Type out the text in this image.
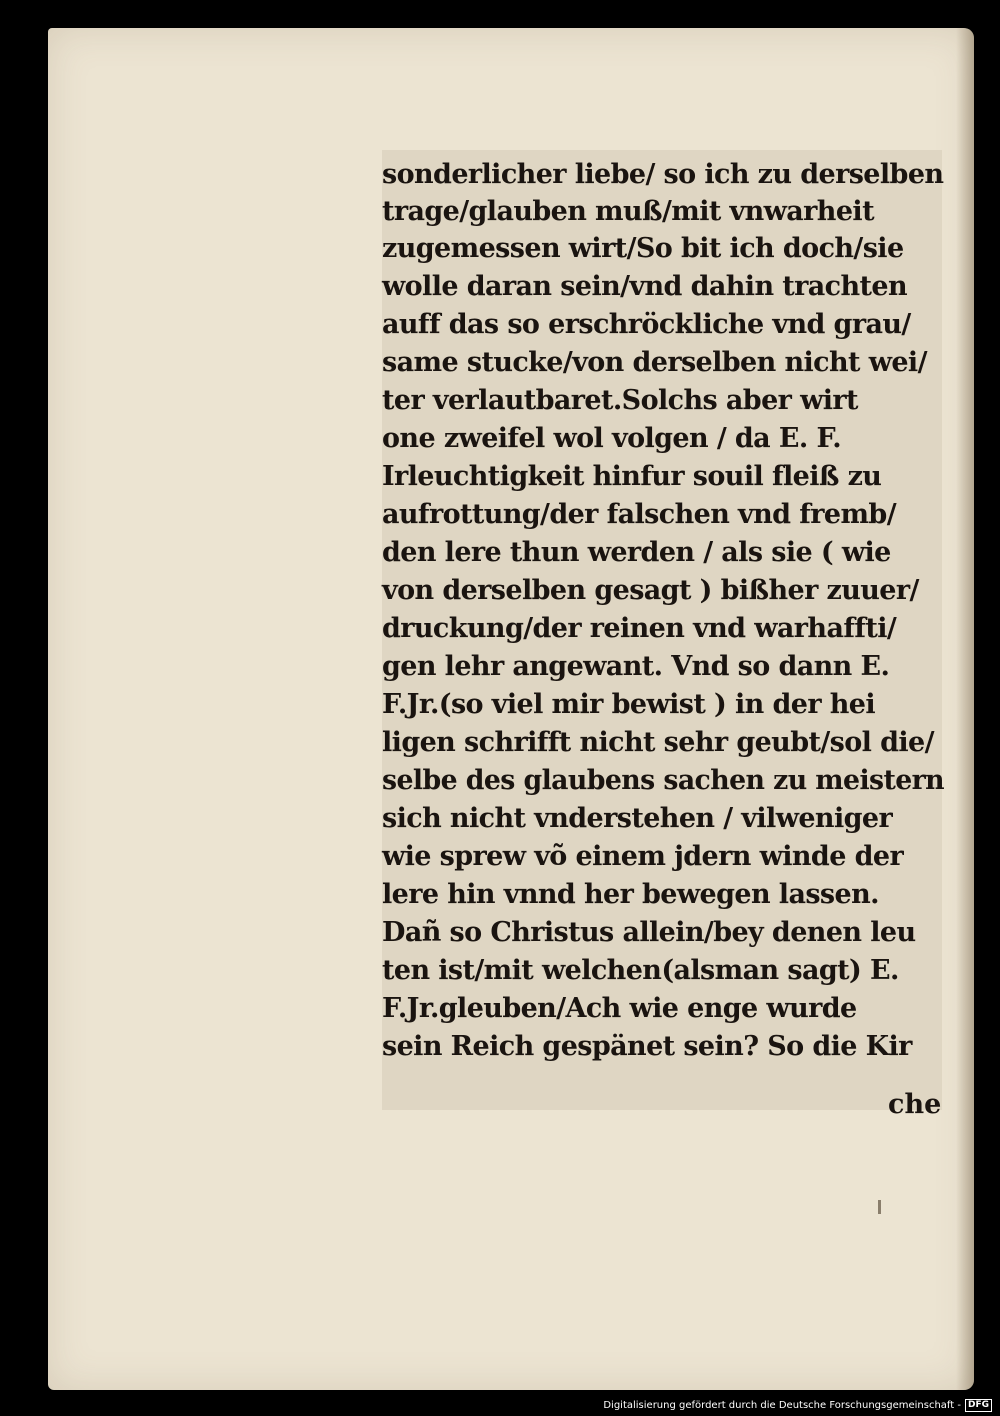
sonderlicher liebe/ so ich zu derselben
trage/glauben muß/mit vnwarheit
zugemessen wirt/So bit ich doch/sie
wolle daran sein/vnd dahin trachten
auff das so erschröckliche vnd grau/
same stucke/von derselben nicht wei/
ter verlautbaret.Solchs aber wirt
one zweifel wol volgen / da E. F.
Irleuchtigkeit hinfur souil fleiß zu
aufrottung/der falschen vnd fremb/
den lere thun werden / als sie ( wie
von derselben gesagt ) bißher zuuer/
druckung/der reinen vnd warhaffti/
gen lehr angewant. Vnd so dann E.
F.Jr.(so viel mir bewist ) in der hei
ligen schrifft nicht sehr geubt/sol die/
selbe des glaubens sachen zu meistern
sich nicht vnderstehen / vilweniger
wie sprew võ einem jdern winde der
lere hin vnnd her bewegen lassen.
Dañ so Christus allein/bey denen leu
ten ist/mit welchen(alsman sagt) E.
F.Jr.gleuben/Ach wie enge wurde
sein Reich gespänet sein? So die Kir
che
Digitalisierung gefördert durch die Deutsche Forschungsgemeinschaft - DFG
